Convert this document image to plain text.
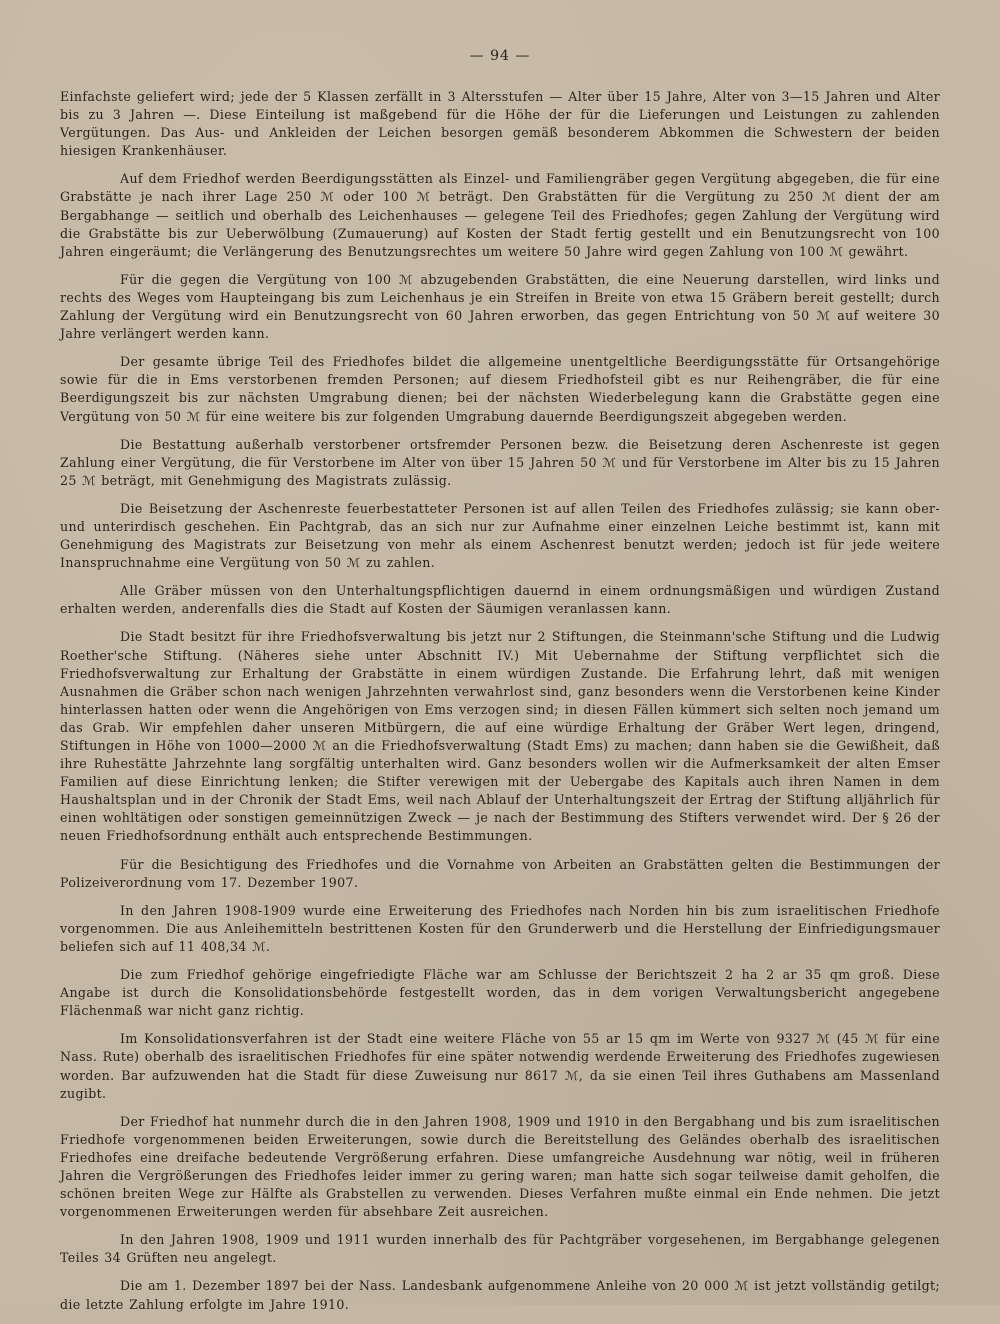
— 94 —

Einfachste geliefert wird; jede der 5 Klassen zerfällt in 3 Altersstufen — Alter über 15 Jahre, Alter von 3—15 Jahren und Alter bis zu 3 Jahren —. Diese Einteilung ist maßgebend für die Höhe der für die Lieferungen und Leistungen zu zahlenden Vergütungen. Das Aus- und Ankleiden der Leichen besorgen gemäß besonderem Abkommen die Schwestern der beiden hiesigen Krankenhäuser.

Auf dem Friedhof werden Beerdigungsstätten als Einzel- und Familiengräber gegen Vergütung abgegeben, die für eine Grabstätte je nach ihrer Lage 250 ℳ oder 100 ℳ beträgt. Den Grabstätten für die Vergütung zu 250 ℳ dient der am Bergabhange — seitlich und oberhalb des Leichenhauses — gelegene Teil des Friedhofes; gegen Zahlung der Vergütung wird die Grabstätte bis zur Ueberwölbung (Zumauerung) auf Kosten der Stadt fertig gestellt und ein Benutzungsrecht von 100 Jahren eingeräumt; die Verlängerung des Benutzungsrechtes um weitere 50 Jahre wird gegen Zahlung von 100 ℳ gewährt.

Für die gegen die Vergütung von 100 ℳ abzugebenden Grabstätten, die eine Neuerung darstellen, wird links und rechts des Weges vom Haupteingang bis zum Leichenhaus je ein Streifen in Breite von etwa 15 Gräbern bereit gestellt; durch Zahlung der Vergütung wird ein Benutzungsrecht von 60 Jahren erworben, das gegen Entrichtung von 50 ℳ auf weitere 30 Jahre verlängert werden kann.

Der gesamte übrige Teil des Friedhofes bildet die allgemeine unentgeltliche Beerdigungsstätte für Ortsangehörige sowie für die in Ems verstorbenen fremden Personen; auf diesem Friedhofsteil gibt es nur Reihengräber, die für eine Beerdigungszeit bis zur nächsten Umgrabung dienen; bei der nächsten Wiederbelegung kann die Grabstätte gegen eine Vergütung von 50 ℳ für eine weitere bis zur folgenden Umgrabung dauernde Beerdigungszeit abgegeben werden.

Die Bestattung außerhalb verstorbener ortsfremder Personen bezw. die Beisetzung deren Aschenreste ist gegen Zahlung einer Vergütung, die für Verstorbene im Alter von über 15 Jahren 50 ℳ und für Verstorbene im Alter bis zu 15 Jahren 25 ℳ beträgt, mit Genehmigung des Magistrats zulässig.

Die Beisetzung der Aschenreste feuerbestatteter Personen ist auf allen Teilen des Friedhofes zulässig; sie kann ober- und unterirdisch geschehen. Ein Pachtgrab, das an sich nur zur Aufnahme einer einzelnen Leiche bestimmt ist, kann mit Genehmigung des Magistrats zur Beisetzung von mehr als einem Aschenrest benutzt werden; jedoch ist für jede weitere Inanspruchnahme eine Vergütung von 50 ℳ zu zahlen.

Alle Gräber müssen von den Unterhaltungspflichtigen dauernd in einem ordnungsmäßigen und würdigen Zustand erhalten werden, anderenfalls dies die Stadt auf Kosten der Säumigen veranlassen kann.

Die Stadt besitzt für ihre Friedhofsverwaltung bis jetzt nur 2 Stiftungen, die Steinmann'sche Stiftung und die Ludwig Roether'sche Stiftung. (Näheres siehe unter Abschnitt IV.) Mit Uebernahme der Stiftung verpflichtet sich die Friedhofsverwaltung zur Erhaltung der Grabstätte in einem würdigen Zustande. Die Erfahrung lehrt, daß mit wenigen Ausnahmen die Gräber schon nach wenigen Jahrzehnten verwahrlost sind, ganz besonders wenn die Verstorbenen keine Kinder hinterlassen hatten oder wenn die Angehörigen von Ems verzogen sind; in diesen Fällen kümmert sich selten noch jemand um das Grab. Wir empfehlen daher unseren Mitbürgern, die auf eine würdige Erhaltung der Gräber Wert legen, dringend, Stiftungen in Höhe von 1000—2000 ℳ an die Friedhofsverwaltung (Stadt Ems) zu machen; dann haben sie die Gewißheit, daß ihre Ruhestätte Jahrzehnte lang sorgfältig unterhalten wird. Ganz besonders wollen wir die Aufmerksamkeit der alten Emser Familien auf diese Einrichtung lenken; die Stifter verewigen mit der Uebergabe des Kapitals auch ihren Namen in dem Haushaltsplan und in der Chronik der Stadt Ems, weil nach Ablauf der Unterhaltungszeit der Ertrag der Stiftung alljährlich für einen wohltätigen oder sonstigen gemeinnützigen Zweck — je nach der Bestimmung des Stifters verwendet wird. Der § 26 der neuen Friedhofsordnung enthält auch entsprechende Bestimmungen.

Für die Besichtigung des Friedhofes und die Vornahme von Arbeiten an Grabstätten gelten die Bestimmungen der Polizeiverordnung vom 17. Dezember 1907.

In den Jahren 1908-1909 wurde eine Erweiterung des Friedhofes nach Norden hin bis zum israelitischen Friedhofe vorgenommen. Die aus Anleihemitteln bestrittenen Kosten für den Grunderwerb und die Herstellung der Einfriedigungsmauer beliefen sich auf 11 408,34 ℳ.

Die zum Friedhof gehörige eingefriedigte Fläche war am Schlusse der Berichtszeit 2 ha 2 ar 35 qm groß. Diese Angabe ist durch die Konsolidationsbehörde festgestellt worden, das in dem vorigen Verwaltungsbericht angegebene Flächenmaß war nicht ganz richtig.

Im Konsolidationsverfahren ist der Stadt eine weitere Fläche von 55 ar 15 qm im Werte von 9327 ℳ (45 ℳ für eine Nass. Rute) oberhalb des israelitischen Friedhofes für eine später notwendig werdende Erweiterung des Friedhofes zugewiesen worden. Bar aufzuwenden hat die Stadt für diese Zuweisung nur 8617 ℳ, da sie einen Teil ihres Guthabens am Massenland zugibt.

Der Friedhof hat nunmehr durch die in den Jahren 1908, 1909 und 1910 in den Bergabhang und bis zum israelitischen Friedhofe vorgenommenen beiden Erweiterungen, sowie durch die Bereitstellung des Geländes oberhalb des israelitischen Friedhofes eine dreifache bedeutende Vergrößerung erfahren. Diese umfangreiche Ausdehnung war nötig, weil in früheren Jahren die Vergrößerungen des Friedhofes leider immer zu gering waren; man hatte sich sogar teilweise damit geholfen, die schönen breiten Wege zur Hälfte als Grabstellen zu verwenden. Dieses Verfahren mußte einmal ein Ende nehmen. Die jetzt vorgenommenen Erweiterungen werden für absehbare Zeit ausreichen.

In den Jahren 1908, 1909 und 1911 wurden innerhalb des für Pachtgräber vorgesehenen, im Bergabhange gelegenen Teiles 34 Grüften neu angelegt.

Die am 1. Dezember 1897 bei der Nass. Landesbank aufgenommene Anleihe von 20 000 ℳ ist jetzt vollständig getilgt; die letzte Zahlung erfolgte im Jahre 1910.
